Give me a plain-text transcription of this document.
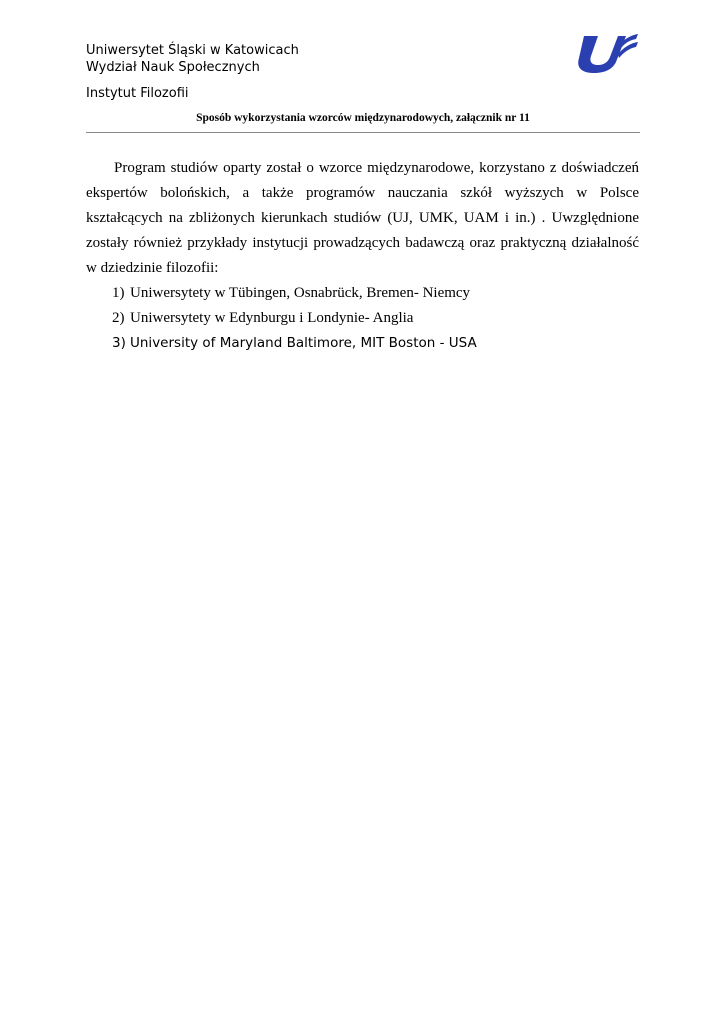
Uniwersytet Śląski w Katowicach
Wydział Nauk Społecznych
Instytut Filozofii
Sposób wykorzystania wzorców międzynarodowych, załącznik nr 11

Program studiów oparty został o wzorce międzynarodowe, korzystano z doświadczeń ekspertów bolońskich, a także programów nauczania szkół wyższych w Polsce kształcących na zbliżonych kierunkach studiów (UJ, UMK, UAM i in.) . Uwzględnione zostały również przykłady instytucji prowadzących badawczą oraz praktyczną działalność w dziedzinie filozofii:

1) Uniwersytety w Tübingen, Osnabrück, Bremen- Niemcy
2) Uniwersytety w Edynburgu i Londynie- Anglia
3) University of Maryland Baltimore, MIT Boston - USA
